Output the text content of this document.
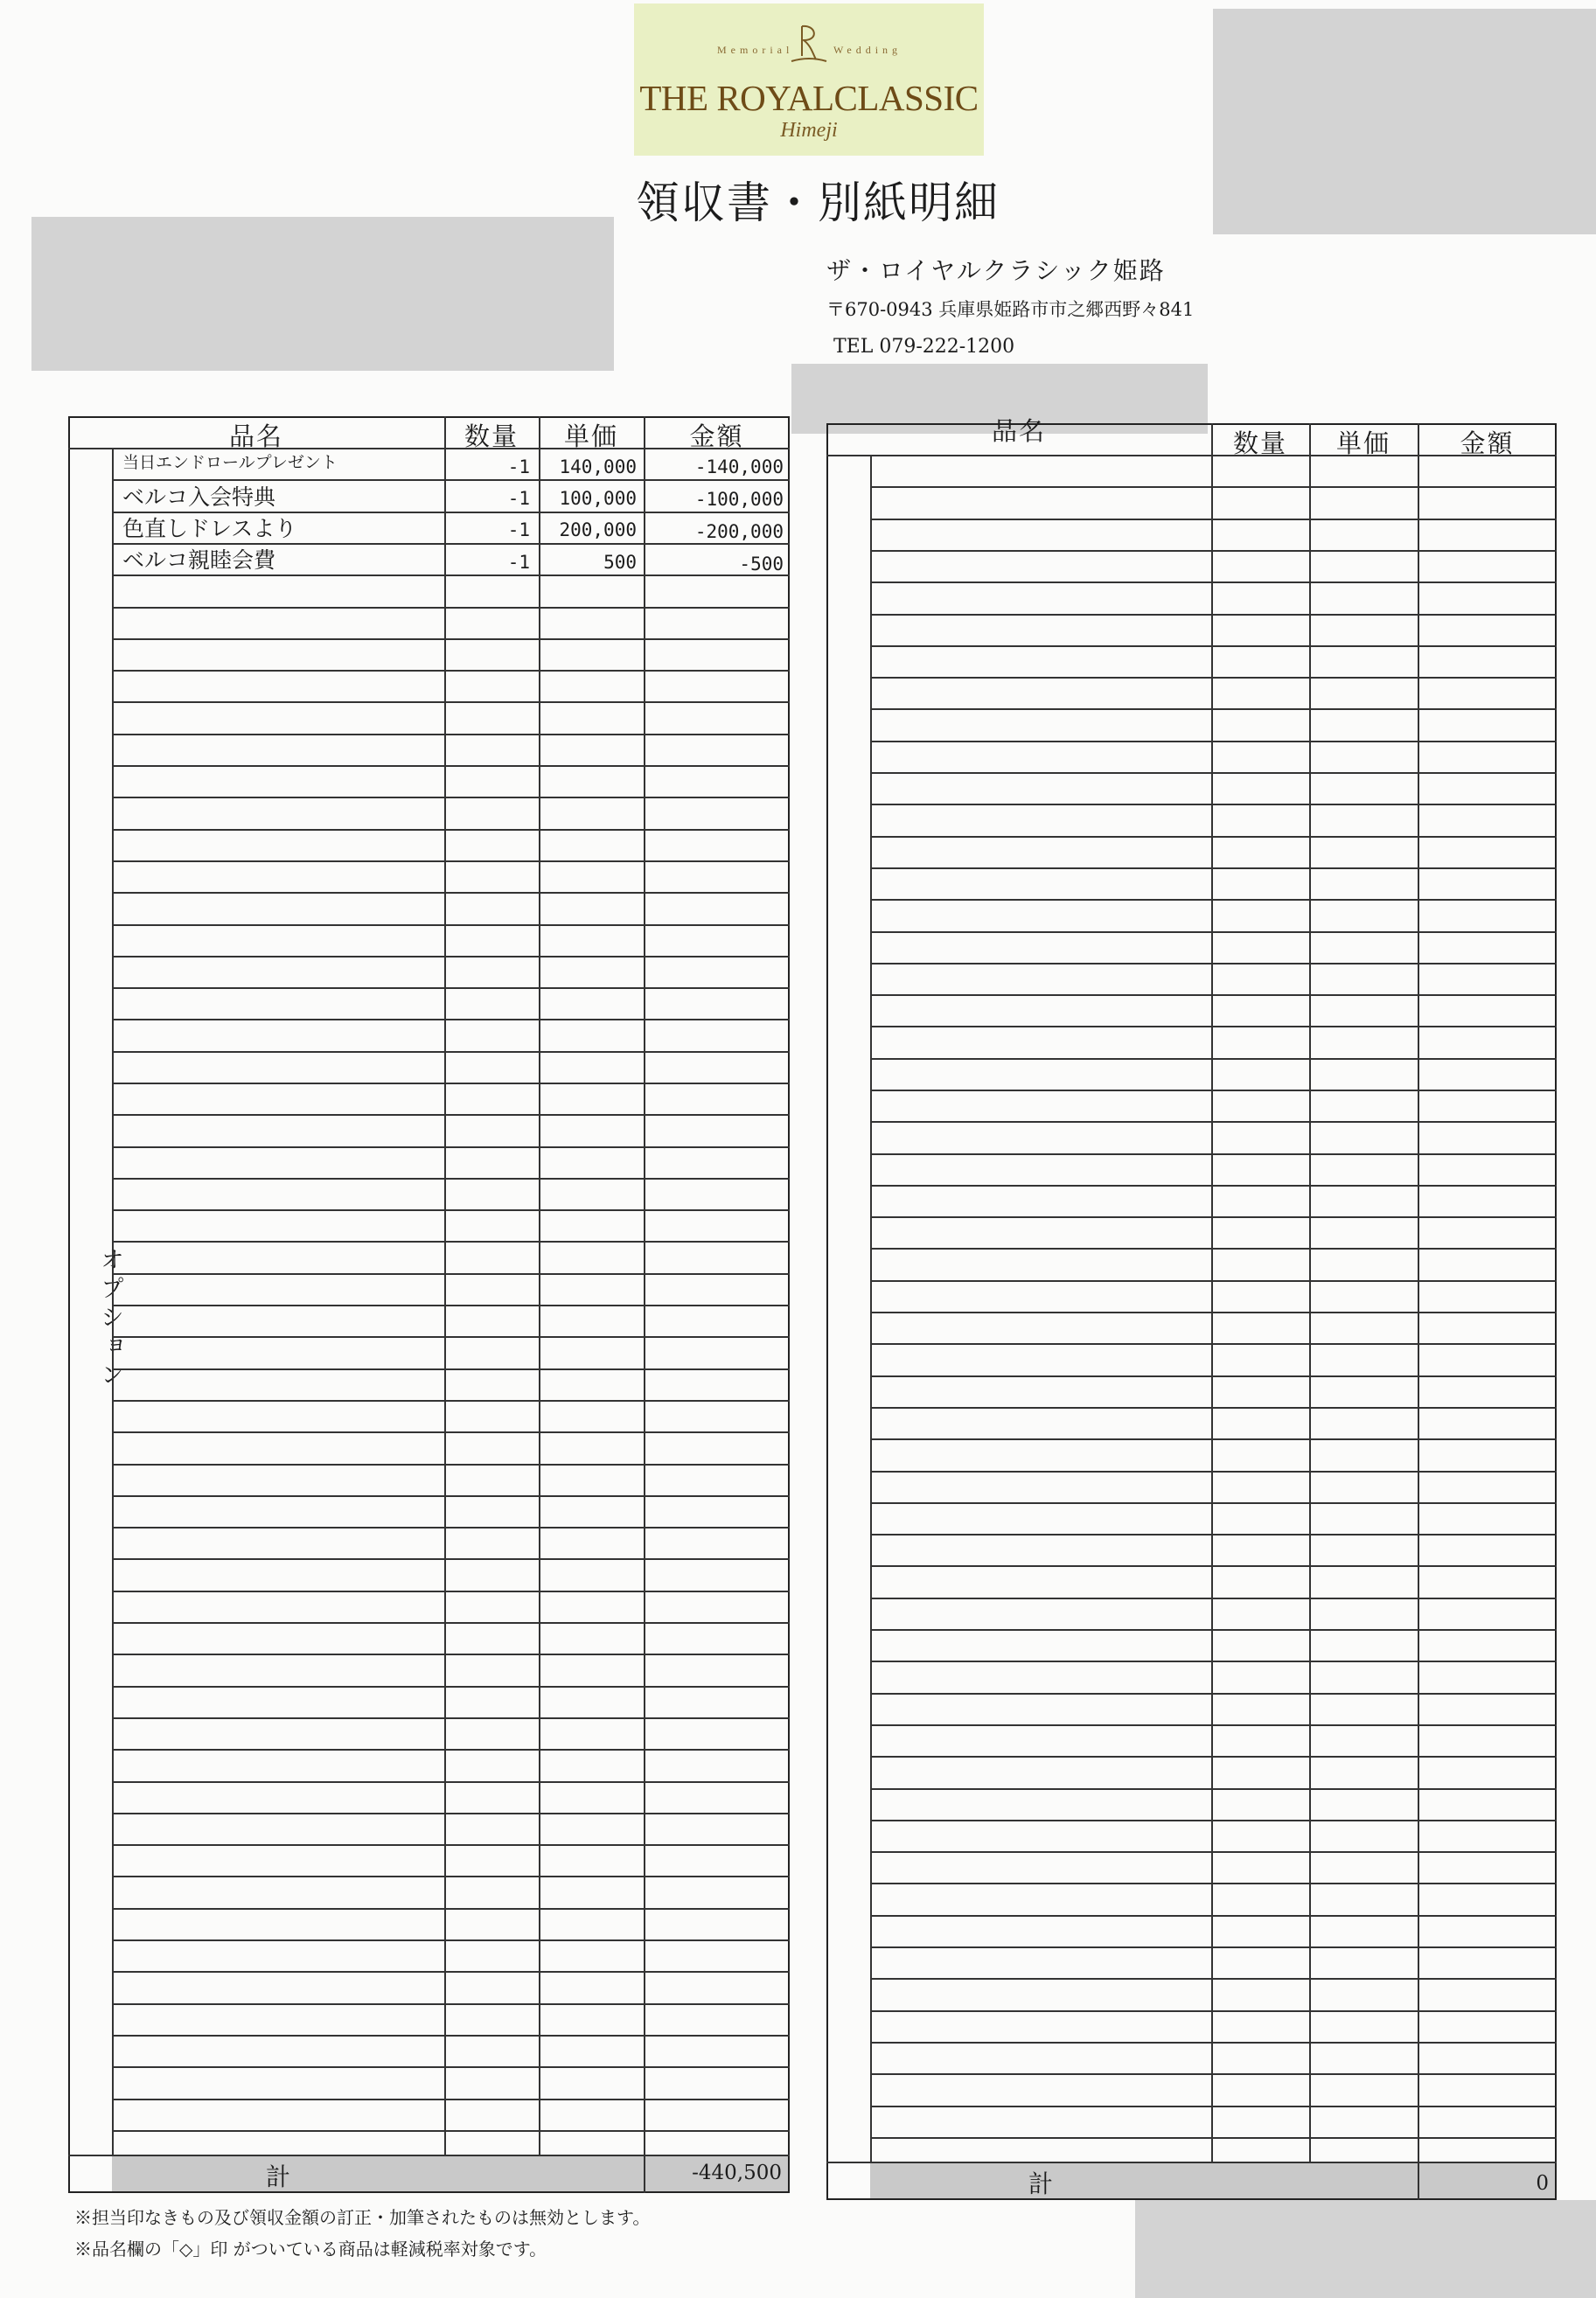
Memorial	Wedding
THE ROYALCLASSIC
Himeji
領収書・別紙明細
ザ・ロイヤルクラシック姫路
〒670-0943 兵庫県姫路市市之郷西野々841
TEL 079-222-1200
品名	数量	単価	金額
オプション
計	-440,500
当日エンドロールプレゼント	-1	140,000	-140,000
ベルコ入会特典	-1	100,000	-100,000
色直しドレスより	-1	200,000	-200,000
ベルコ親睦会費	-1	500	-500
品名	数量	単価	金額
計	0
※担当印なきもの及び領収金額の訂正・加筆されたものは無効とします。
※品名欄の「◇」印 がついている商品は軽減税率対象です。
